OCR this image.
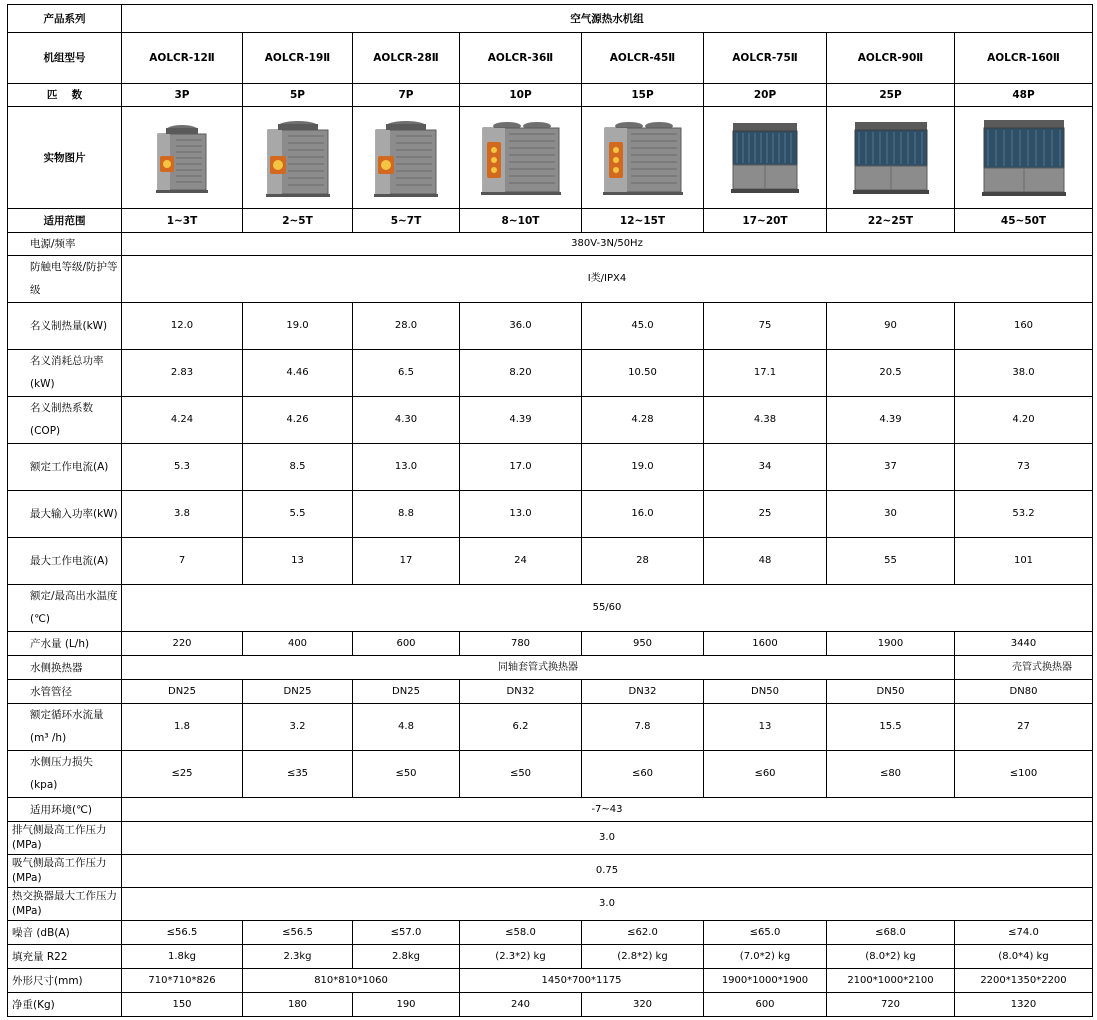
产品系列	空气源热水机组							
机组型号	AOLCR-12Ⅱ	AOLCR-19Ⅱ	AOLCR-28Ⅱ	AOLCR-36Ⅱ	AOLCR-45Ⅱ	AOLCR-75Ⅱ	AOLCR-90Ⅱ	AOLCR-160Ⅱ
匹　 数	3P	5P	7P	10P	15P	20P	25P	48P
实物图片	

适用范围	1~3T	2~5T	5~7T	8~10T	12~15T	17~20T	22~25T	45~50T
电源/频率	380V-3N/50Hz							
防触电等级/防护等级	Ⅰ类/IPX4							
名义制热量(kW)	12.0	19.0	28.0	36.0	45.0	75	90	160
名义消耗总功率(kW)	2.83	4.46	6.5	8.20	10.50	17.1	20.5	38.0
名义制热系数(COP)	4.24	4.26	4.30	4.39	4.28	4.38	4.39	4.20
额定工作电流(A)	5.3	8.5	13.0	17.0	19.0	34	37	73
最大输入功率(kW)	3.8	5.5	8.8	13.0	16.0	25	30	53.2
最大工作电流(A)	7	13	17	24	28	48	55	101
额定/最高出水温度(℃)	55/60							
产水量 (L/h)	220	400	600	780	950	1600	1900	3440
水侧换热器	同轴套管式换热器							壳管式换热器
水管管径	DN25	DN25	DN25	DN32	DN32	DN50	DN50	DN80
额定循环水流量 (m³ /h)	1.8	3.2	4.8	6.2	7.8	13	15.5	27
水侧压力损失(kpa)	≤25	≤35	≤50	≤50	≤60	≤60	≤80	≤100
适用环境(℃)	-7~43							
排气侧最高工作压力 (MPa)	3.0							
吸气侧最高工作压力 (MPa)	0.75							
热交换器最大工作压力 (MPa)	3.0							
噪音 (dB(A)	≤56.5	≤56.5	≤57.0	≤58.0	≤62.0	≤65.0	≤68.0	≤74.0
填充量 R22	1.8kg	2.3kg	2.8kg	(2.3*2) kg	(2.8*2) kg	(7.0*2) kg	(8.0*2) kg	(8.0*4) kg
外形尺寸(mm)	710*710*826	810*810*1060		1450*700*1175		1900*1000*1900	2100*1000*2100	2200*1350*2200
净重(Kg)	150	180	190	240	320	600	720	1320
